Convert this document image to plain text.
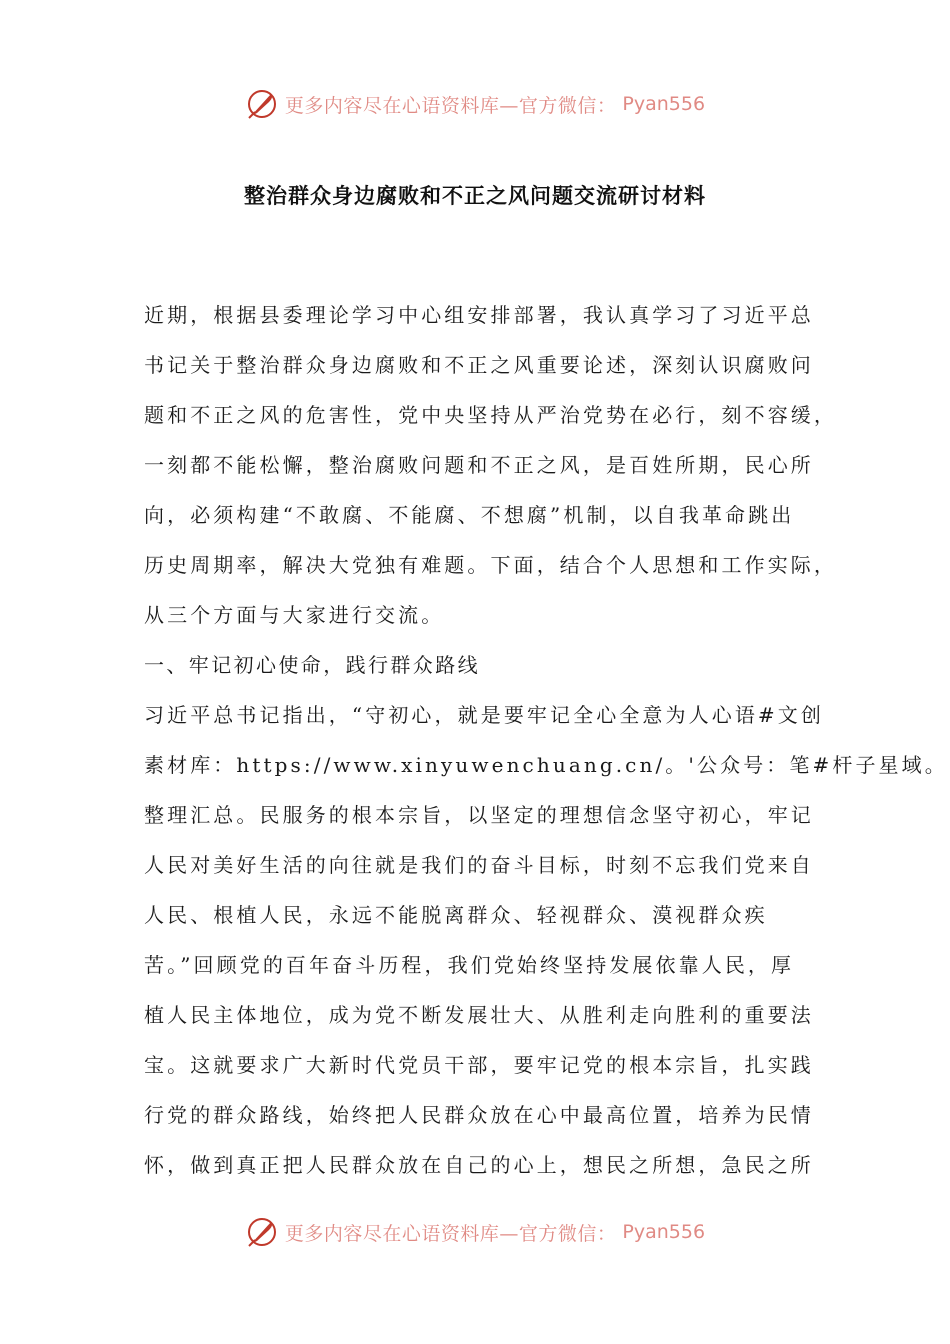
更多内容尽在心语资料库—官方微信： Pyan556
整治群众身边腐败和不正之风问题交流研讨材料
近期，根据县委理论学习中心组安排部署，我认真学习了习近平总
书记关于整治群众身边腐败和不正之风重要论述，深刻认识腐败问
题和不正之风的危害性，党中央坚持从严治党势在必行，刻不容缓，
一刻都不能松懈，整治腐败问题和不正之风，是百姓所期，民心所
向，必须构建“不敢腐、不能腐、不想腐”机制，以自我革命跳出
历史周期率，解决大党独有难题。下面，结合个人思想和工作实际，
从三个方面与大家进行交流。
一、牢记初心使命，践行群众路线
习近平总书记指出，“守初心，就是要牢记全心全意为人心语#文创
素材库：https://www.xinyuwenchuang.cn/。'公众号：笔#杆子星域。
整理汇总。民服务的根本宗旨，以坚定的理想信念坚守初心，牢记
人民对美好生活的向往就是我们的奋斗目标，时刻不忘我们党来自
人民、根植人民，永远不能脱离群众、轻视群众、漠视群众疾
苦。”回顾党的百年奋斗历程，我们党始终坚持发展依靠人民，厚
植人民主体地位，成为党不断发展壮大、从胜利走向胜利的重要法
宝。这就要求广大新时代党员干部，要牢记党的根本宗旨，扎实践
行党的群众路线，始终把人民群众放在心中最高位置，培养为民情
怀，做到真正把人民群众放在自己的心上，想民之所想，急民之所
更多内容尽在心语资料库—官方微信： Pyan556
